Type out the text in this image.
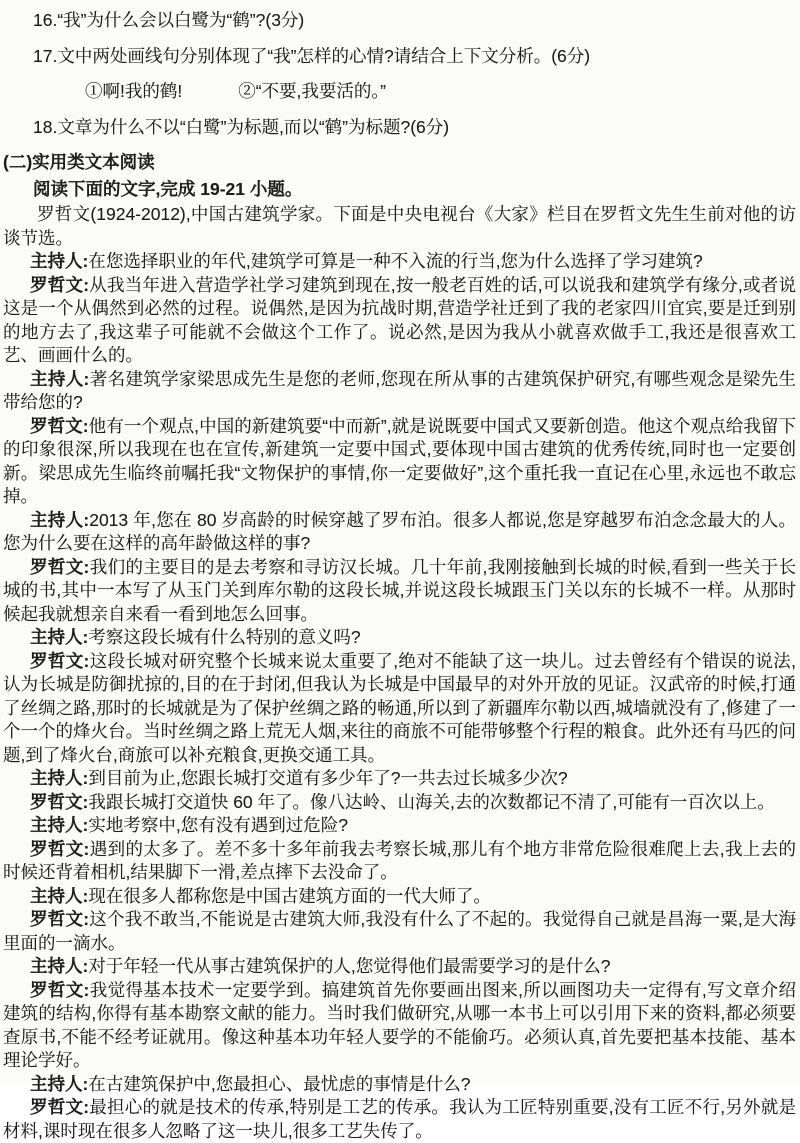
16.“我”为什么会以白鹭为“鹤”?(3分)

17.文中两处画线句分别体现了“我”怎样的心情?请结合上下文分析。(6分)

①啊!我的鹤!	②“不要,我要活的。”

18.文章为什么不以“白鹭”为标题,而以“鹤”为标题?(6分)

(二)实用类文本阅读

阅读下面的文字,完成 19-21 小题。

罗哲文(1924-2012),中国古建筑学家。下面是中央电视台《大家》栏目在罗哲文先生生前对他的访谈节选。

主持人:在您选择职业的年代,建筑学可算是一种不入流的行当,您为什么选择了学习建筑?

罗哲文:从我当年进入营造学社学习建筑到现在,按一般老百姓的话,可以说我和建筑学有缘分,或者说这是一个从偶然到必然的过程。说偶然,是因为抗战时期,营造学社迁到了我的老家四川宜宾,要是迁到别的地方去了,我这辈子可能就不会做这个工作了。说必然,是因为我从小就喜欢做手工,我还是很喜欢工艺、画画什么的。

主持人:著名建筑学家梁思成先生是您的老师,您现在所从事的古建筑保护研究,有哪些观念是梁先生带给您的?

罗哲文:他有一个观点,中国的新建筑要“中而新”,就是说既要中国式又要新创造。他这个观点给我留下的印象很深,所以我现在也在宣传,新建筑一定要中国式,要体现中国古建筑的优秀传统,同时也一定要创新。梁思成先生临终前嘱托我“文物保护的事情,你一定要做好”,这个重托我一直记在心里,永远也不敢忘掉。

主持人:2013 年,您在 80 岁高龄的时候穿越了罗布泊。很多人都说,您是穿越罗布泊念念最大的人。您为什么要在这样的高年龄做这样的事?

罗哲文:我们的主要目的是去考察和寻访汉长城。几十年前,我刚接触到长城的时候,看到一些关于长城的书,其中一本写了从玉门关到库尔勒的这段长城,并说这段长城跟玉门关以东的长城不一样。从那时候起我就想亲自来看一看到地怎么回事。

主持人:考察这段长城有什么特别的意义吗?

罗哲文:这段长城对研究整个长城来说太重要了,绝对不能缺了这一块儿。过去曾经有个错误的说法,认为长城是防御扰掠的,目的在于封闭,但我认为长城是中国最早的对外开放的见证。汉武帝的时候,打通了丝绸之路,那时的长城就是为了保护丝绸之路的畅通,所以到了新疆库尔勒以西,城墙就没有了,修建了一个一个的烽火台。当时丝绸之路上荒无人烟,来往的商旅不可能带够整个行程的粮食。此外还有马匹的问题,到了烽火台,商旅可以补充粮食,更换交通工具。

主持人:到目前为止,您跟长城打交道有多少年了?一共去过长城多少次?

罗哲文:我跟长城打交道快 60 年了。像八达岭、山海关,去的次数都记不清了,可能有一百次以上。

主持人:实地考察中,您有没有遇到过危险?

罗哲文:遇到的太多了。差不多十多年前我去考察长城,那儿有个地方非常危险很难爬上去,我上去的时候还背着相机,结果脚下一滑,差点摔下去没命了。

主持人:现在很多人都称您是中国古建筑方面的一代大师了。

罗哲文:这个我不敢当,不能说是古建筑大师,我没有什么了不起的。我觉得自己就是昌海一粟,是大海里面的一滴水。

主持人:对于年轻一代从事古建筑保护的人,您觉得他们最需要学习的是什么?

罗哲文:我觉得基本技术一定要学到。搞建筑首先你要画出图来,所以画图功夫一定得有,写文章介绍建筑的结构,你得有基本勘察文献的能力。当时我们做研究,从哪一本书上可以引用下来的资料,都必须要查原书,不能不经考证就用。像这种基本功年轻人要学的不能偷巧。必须认真,首先要把基本技能、基本理论学好。

主持人:在古建筑保护中,您最担心、最忧虑的事情是什么?

罗哲文:最担心的就是技术的传承,特别是工艺的传承。我认为工匠特别重要,没有工匠不行,另外就是材料,课时现在很多人忽略了这一块儿,很多工艺失传了。
